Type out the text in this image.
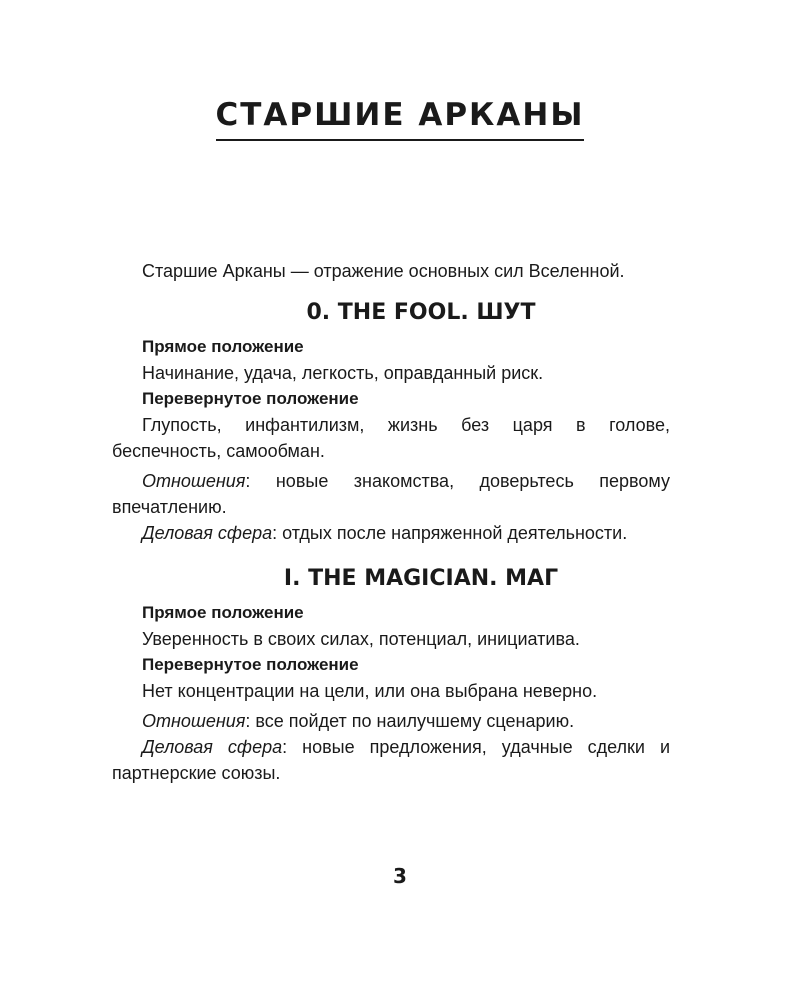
СТАРШИЕ АРКАНЫ

Старшие Арканы — отражение основных сил Вселенной.

0. THE FOOL. ШУТ

Прямое положение

Начинание, удача, легкость, оправданный риск.

Перевернутое положение

Глупость, инфантилизм, жизнь без царя в голове, беспечность, самообман.

Отношения: новые знакомства, доверьтесь первому впечатлению.

Деловая сфера: отдых после напряженной деятельности.

I. THE MAGICIAN. МАГ

Прямое положение

Уверенность в своих силах, потенциал, инициатива.

Перевернутое положение

Нет концентрации на цели, или она выбрана неверно.

Отношения: все пойдет по наилучшему сценарию.

Деловая сфера: новые предложения, удачные сделки и партнерские союзы.

3
